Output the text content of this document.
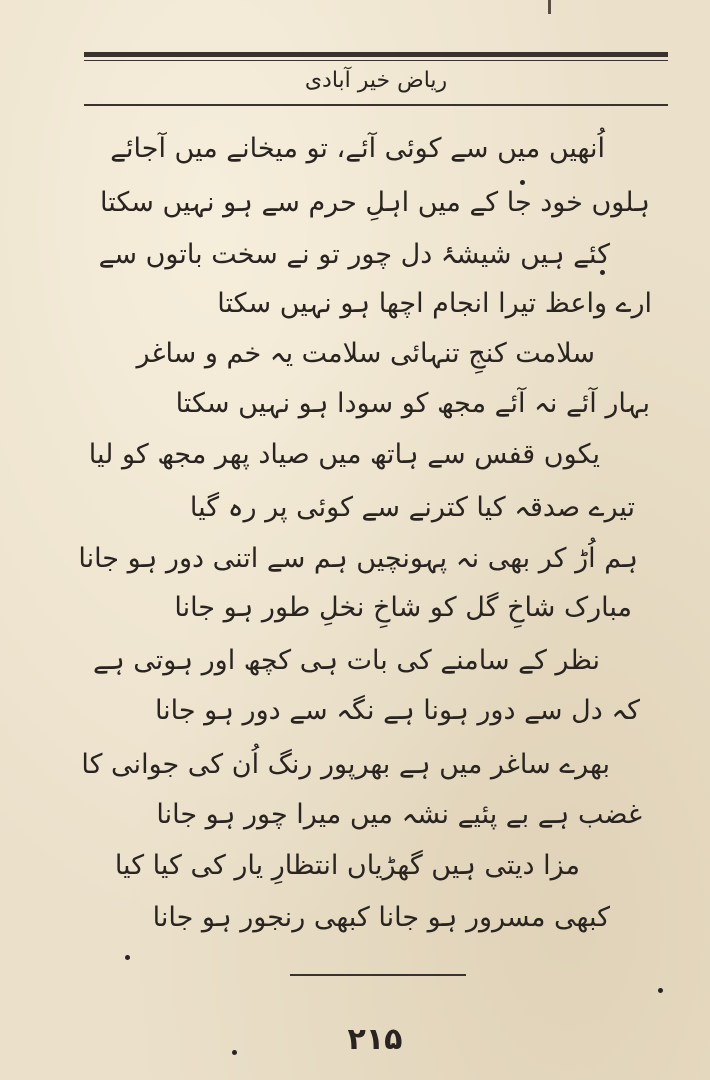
ریاض خیر آبادی
اُنھیں میں سے کوئی آئے، تو میخانے میں آجائے
ہلوں خود جا کے میں اہلِ حرم سے ہو نہیں سکتا
کئے ہیں شیشۂ دل چور تو نے سخت باتوں سے
ارے واعظ تیرا انجام اچھا ہو نہیں سکتا
سلامت کنجِ تنہائی سلامت یہ خم و ساغر
بہار آئے نہ آئے مجھ کو سودا ہو نہیں سکتا
یکوں قفس سے ہاتھ میں صیاد پھر مجھ کو لیا
تیرے صدقہ کیا کترنے سے کوئی پر رہ گیا
ہم اُڑ کر بھی نہ پہونچیں ہم سے اتنی دور ہو جانا
مبارک شاخِ گل کو شاخِ نخلِ طور ہو جانا
نظر کے سامنے کی بات ہی کچھ اور ہوتی ہے
کہ دل سے دور ہونا ہے نگہ سے دور ہو جانا
بھرے ساغر میں ہے بھرپور رنگ اُن کی جوانی کا
غضب ہے بے پئیے نشہ میں میرا چور ہو جانا
مزا دیتی ہیں گھڑیاں انتظارِ یار کی کیا کیا
کبھی مسرور ہو جانا کبھی رنجور ہو جانا
۲۱۵
